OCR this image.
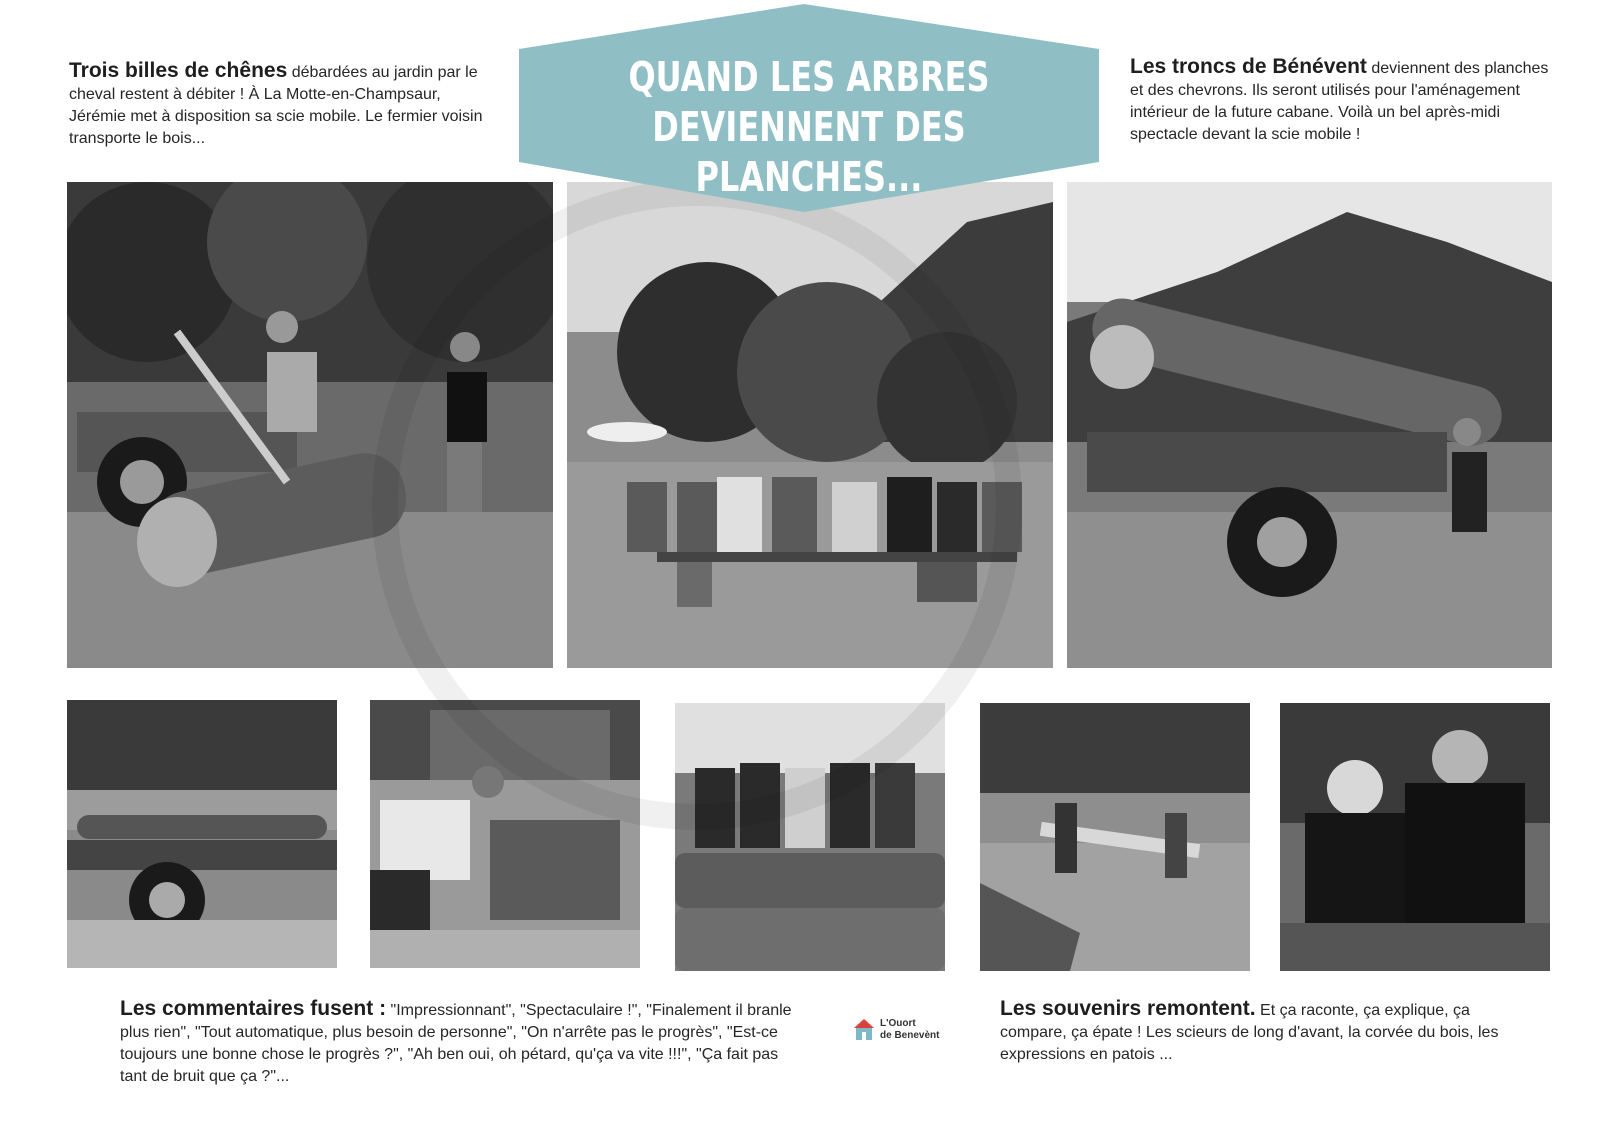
QUAND LES ARBRES
DEVIENNENT DES PLANCHES...
Trois billes de chênes débardées au jardin par le cheval restent à débiter ! À La Motte-en-Champsaur, Jérémie met à disposition sa scie mobile. Le fermier voisin transporte le bois...
Les troncs de Bénévent deviennent des planches et des chevrons. Ils seront utilisés pour l'aménagement intérieur de la future cabane. Voilà un bel après-midi spectacle devant la scie mobile !
Les commentaires fusent : "Impressionnant", "Spectaculaire !", "Finalement il branle plus rien", "Tout automatique, plus besoin de personne", "On n'arrête pas le progrès", "Est-ce toujours une bonne chose le progrès ?", "Ah ben oui, oh pétard, qu'ça va vite !!!", "Ça fait pas tant de bruit que ça ?"...
L'Ouort
de Benevènt
Les souvenirs remontent. Et ça raconte, ça explique, ça compare, ça épate ! Les scieurs de long d'avant, la corvée du bois, les expressions en patois ...
